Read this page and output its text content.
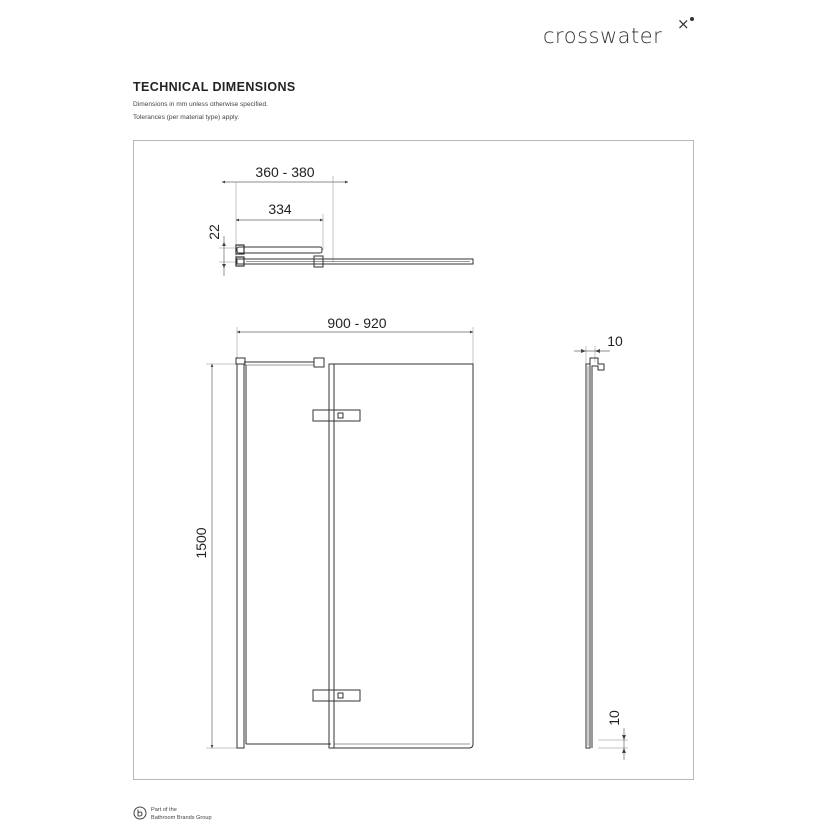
crosswater ×
TECHNICAL DIMENSIONS
Dimensions in mm unless otherwise specified.
Tolerances (per material type) apply.
360 - 380
334
22
900 - 920
1500
10
10
Part of the
Bathroom Brands Group
